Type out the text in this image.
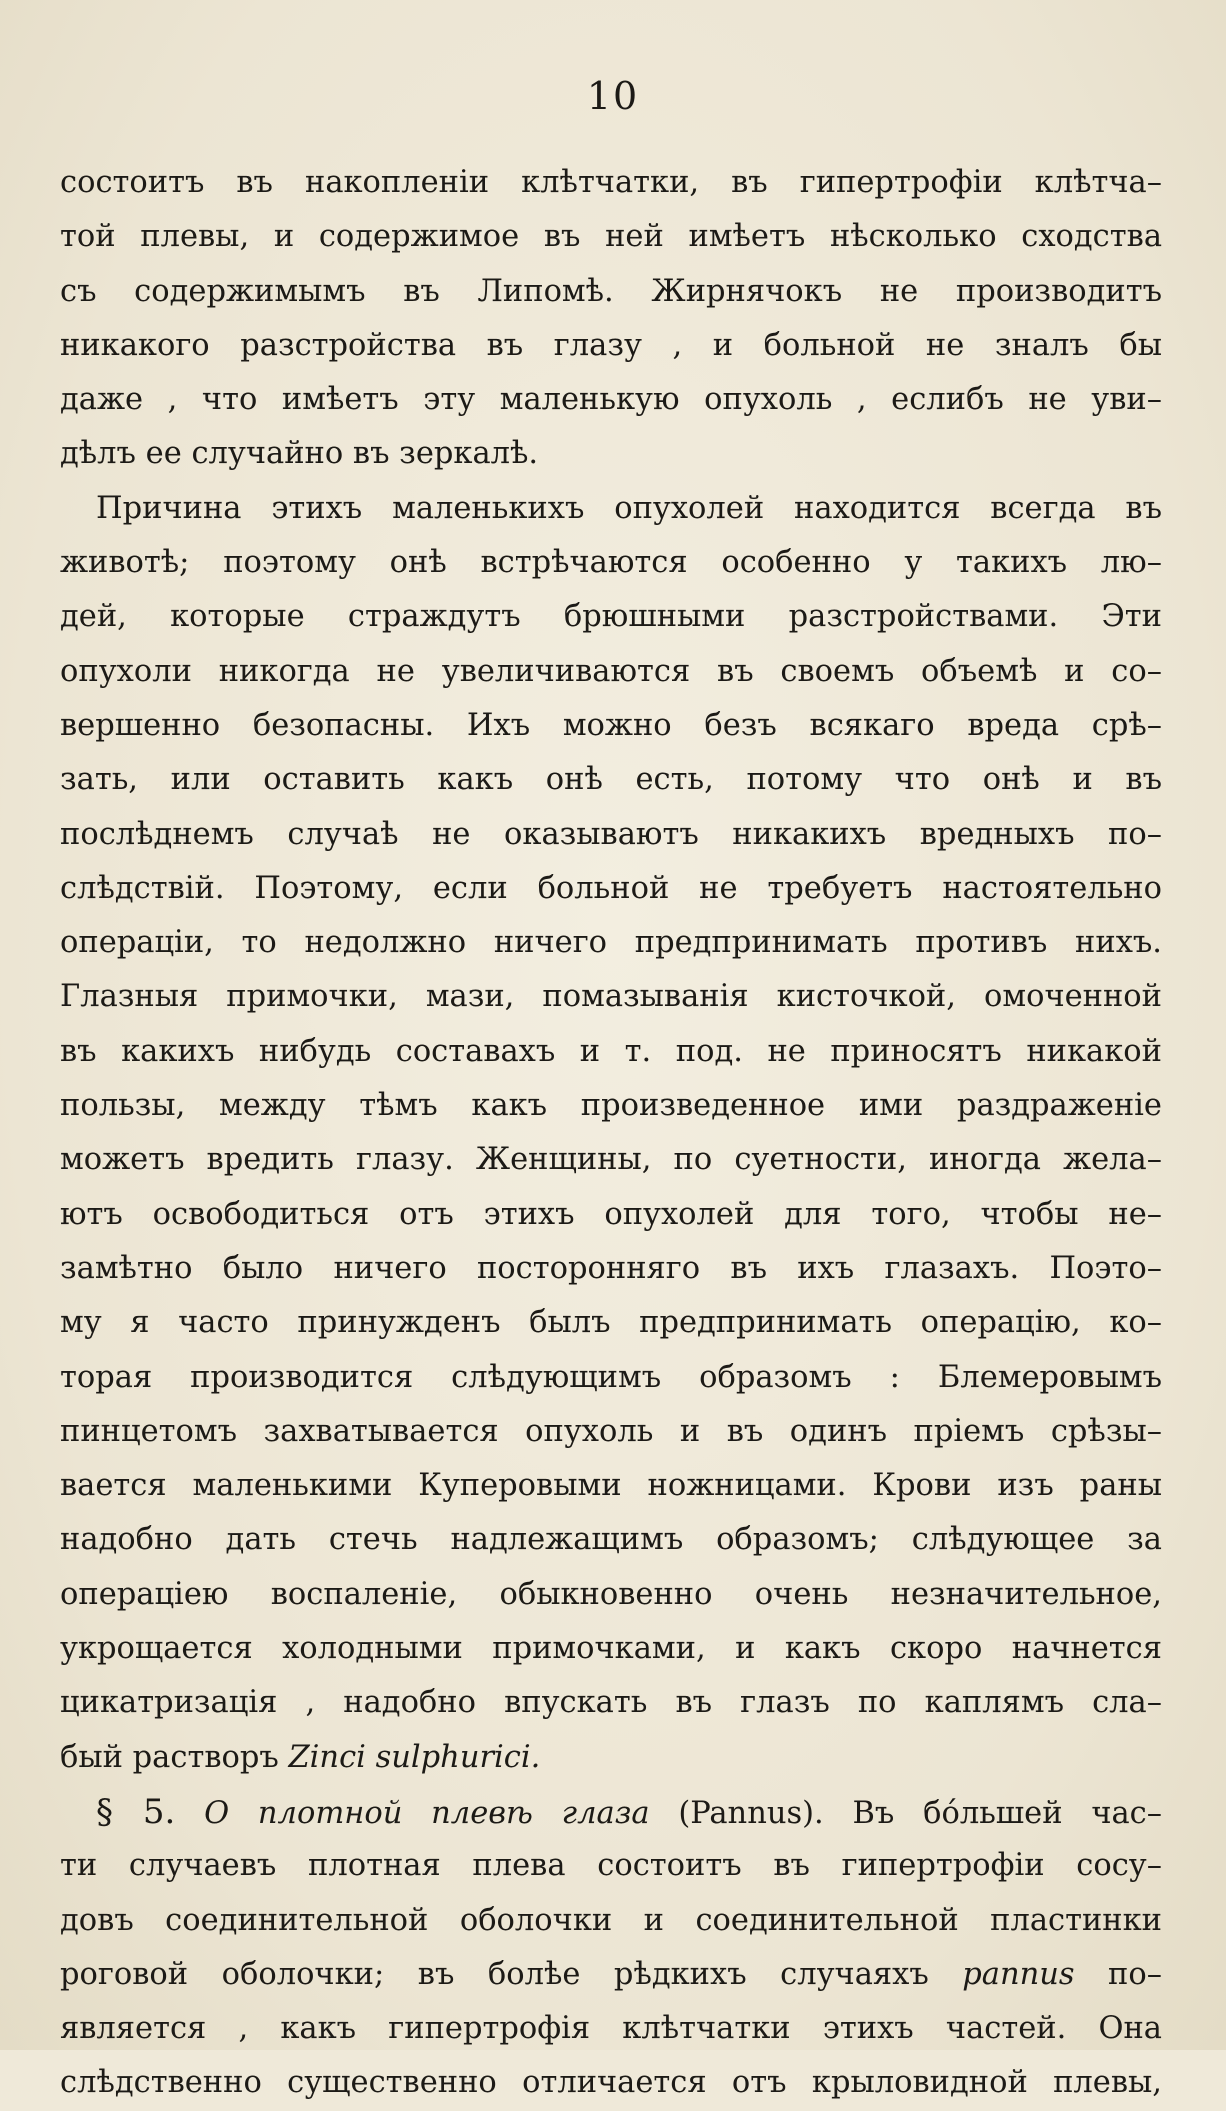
10
состоитъ въ накопленіи клѣтчатки, въ гипертрофіи клѣтча–
той плевы, и содержимое въ ней имѣетъ нѣсколько сходства
съ содержимымъ въ Липомѣ. Жирнячокъ не производитъ
никакого разстройства въ глазу , и больной не зналъ бы
даже , что имѣетъ эту маленькую опухоль , еслибъ не уви–
дѣлъ ее случайно въ зеркалѣ.
Причина этихъ маленькихъ опухолей находится всегда въ
животѣ; поэтому онѣ встрѣчаются особенно у такихъ лю–
дей, которые страждутъ брюшными разстройствами. Эти
опухоли никогда не увеличиваются въ своемъ объемѣ и со–
вершенно безопасны. Ихъ можно безъ всякаго вреда срѣ–
зать, или оставить какъ онѣ есть, потому что онѣ и въ
послѣднемъ случаѣ не оказываютъ никакихъ вредныхъ по–
слѣдствій. Поэтому, если больной не требуетъ настоятельно
операціи, то недолжно ничего предпринимать противъ нихъ.
Глазныя примочки, мази, помазыванія кисточкой, омоченной
въ какихъ нибудь составахъ и т. под. не приносятъ никакой
пользы, между тѣмъ какъ произведенное ими раздраженіе
можетъ вредить глазу. Женщины, по суетности, иногда жела–
ютъ освободиться отъ этихъ опухолей для того, чтобы не–
замѣтно было ничего посторонняго въ ихъ глазахъ. Поэто–
му я часто принужденъ былъ предпринимать операцію, ко–
торая производится слѣдующимъ образомъ : Блемеровымъ
пинцетомъ захватывается опухоль и въ одинъ пріемъ срѣзы–
вается маленькими Куперовыми ножницами. Крови изъ раны
надобно дать стечь надлежащимъ образомъ; слѣдующее за
операціею воспаленіе, обыкновенно очень незначительное,
укрощается холодными примочками, и какъ скоро начнется
цикатризація , надобно впускать въ глазъ по каплямъ сла–
бый растворъ Zinci sulphurici.
§ 5. О плотной плевѣ глаза (Pannus). Въ бо́льшей час–
ти случаевъ плотная плева состоитъ въ гипертрофіи сосу–
довъ соединительной оболочки и соединительной пластинки
роговой оболочки; въ болѣе рѣдкихъ случаяхъ pannus по–
является , какъ гипертрофія клѣтчатки этихъ частей. Она
слѣдственно существенно отличается отъ крыловидной плевы,
